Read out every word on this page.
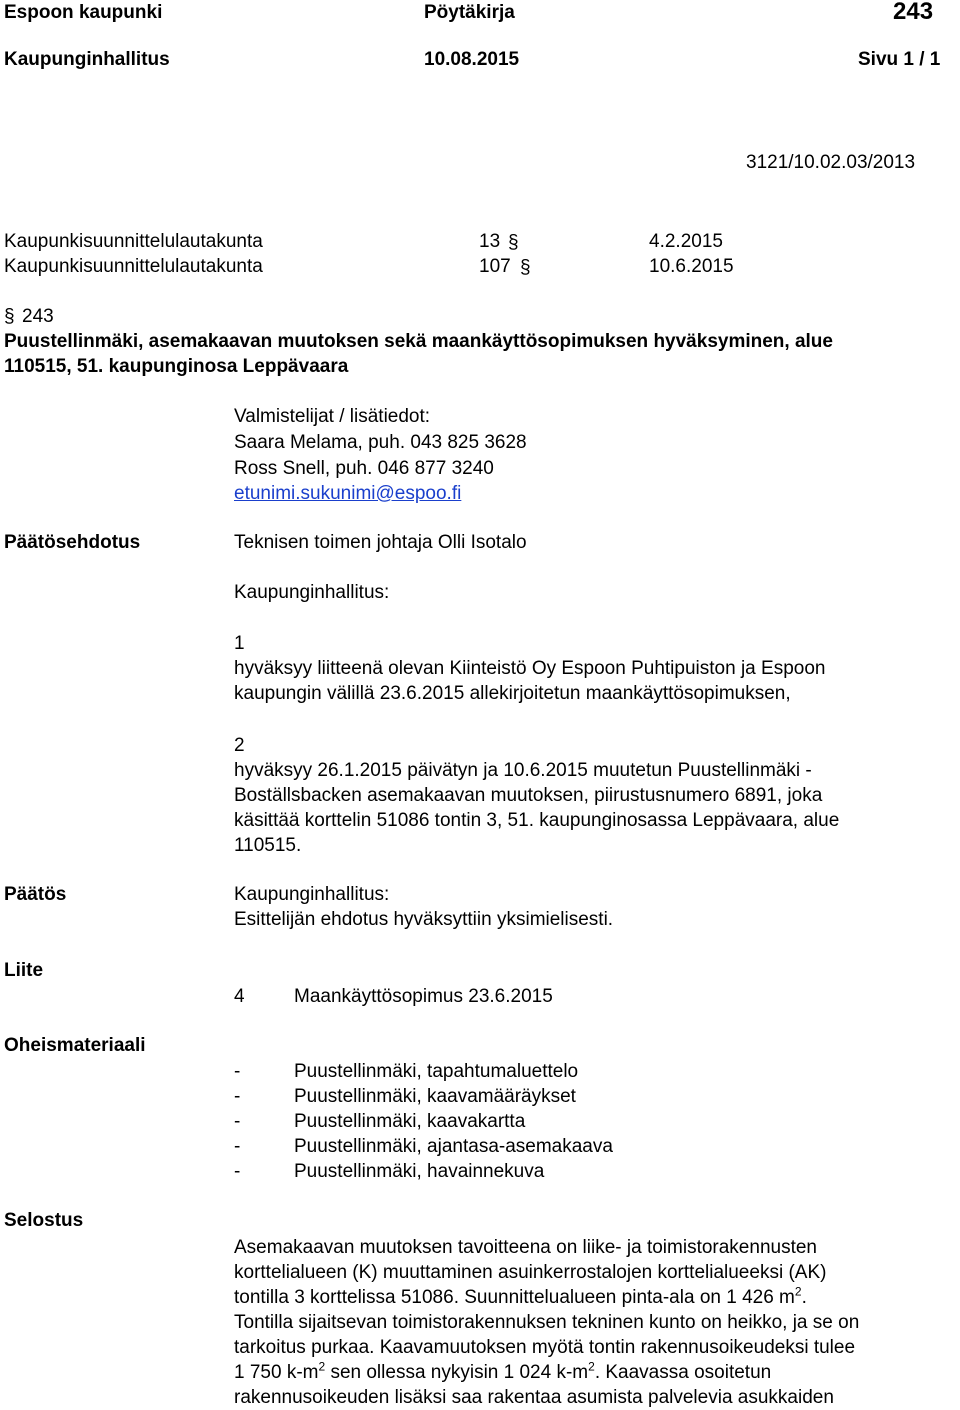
Espoon kaupunki	Pöytäkirja	243
Kaupunginhallitus	10.08.2015	Sivu 1 / 1
3121/10.02.03/2013
Kaupunkisuunnittelulautakunta	13 §	4.2.2015
Kaupunkisuunnittelulautakunta	107 §	10.6.2015
§ 243
Puustellinmäki, asemakaavan muutoksen sekä maankäyttösopimuksen hyväksyminen, alue
110515, 51. kaupunginosa Leppävaara
Valmistelijat / lisätiedot:
Saara Melama, puh. 043 825 3628
Ross Snell, puh. 046 877 3240
etunimi.sukunimi@espoo.fi
Päätösehdotus	Teknisen toimen johtaja Olli Isotalo
Kaupunginhallitus:
1
hyväksyy liitteenä olevan Kiinteistö Oy Espoon Puhtipuiston ja Espoon
kaupungin välillä 23.6.2015 allekirjoitetun maankäyttösopimuksen,
2
hyväksyy 26.1.2015 päivätyn ja 10.6.2015 muutetun Puustellinmäki -
Boställsbacken asemakaavan muutoksen, piirustusnumero 6891, joka
käsittää korttelin 51086 tontin 3, 51. kaupunginosassa Leppävaara, alue
110515.
Päätös	Kaupunginhallitus:
Esittelijän ehdotus hyväksyttiin yksimielisesti.
Liite
4	Maankäyttösopimus 23.6.2015
Oheismateriaali
-	Puustellinmäki, tapahtumaluettelo
-	Puustellinmäki, kaavamääräykset
-	Puustellinmäki, kaavakartta
-	Puustellinmäki, ajantasa-asemakaava
-	Puustellinmäki, havainnekuva
Selostus
Asemakaavan muutoksen tavoitteena on liike- ja toimistorakennusten
korttelialueen (K) muuttaminen asuinkerrostalojen korttelialueeksi (AK)
tontilla 3 korttelissa 51086. Suunnittelualueen pinta-ala on 1 426 $m^2$.
Tontilla sijaitsevan toimistorakennuksen tekninen kunto on heikko, ja se on
tarkoitus purkaa. Kaavamuutoksen myötä tontin rakennusoikeudeksi tulee
1 750 $k-m^2$ sen ollessa nykyisin 1 024 $k-m^2$. Kaavassa osoitetun
rakennusoikeuden lisäksi saa rakentaa asumista palvelevia asukkaiden
